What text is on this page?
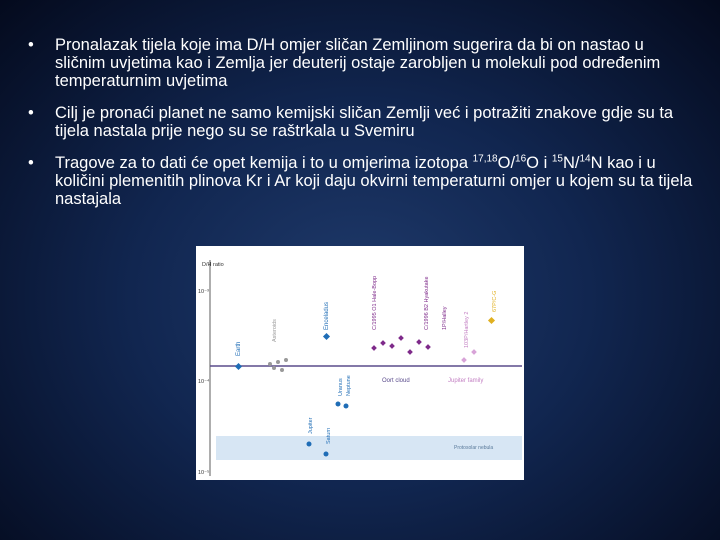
• Pronalazak tijela koje ima D/H omjer sličan Zemljinom sugerira da bi on nastao u sličnim uvjetima kao i Zemlja jer deuterij ostaje zarobljen u molekuli pod određenim temperaturnim uvjetima
• Cilj je pronaći planet ne samo kemijski sličan Zemlji već i potražiti znakove gdje su ta tijela nastala prije nego su se raštrkala u Svemiru
• Tragove za to dati će opet kemija i to u omjerima izotopa $^{17,18}$O/$^{16}$O i $^{15}$N/$^{14}$N kao i u količini plemenitih plinova Kr i Ar koji daju okvirni temperaturni omjer u kojem su ta tijela nastajala
D/H ratio
10⁻³
10⁻⁴
10⁻⁵
Oort cloud	Jupiter family
Protosolar nebula
Earth
Asteroids
Enceladus
Jupiter
Saturn
Uranus Neptune
C/1995 O1 Hale-Bopp	C/1996 B2 Hyakutake 1P/Halley	103P/Hartley 2
67P/C-G
